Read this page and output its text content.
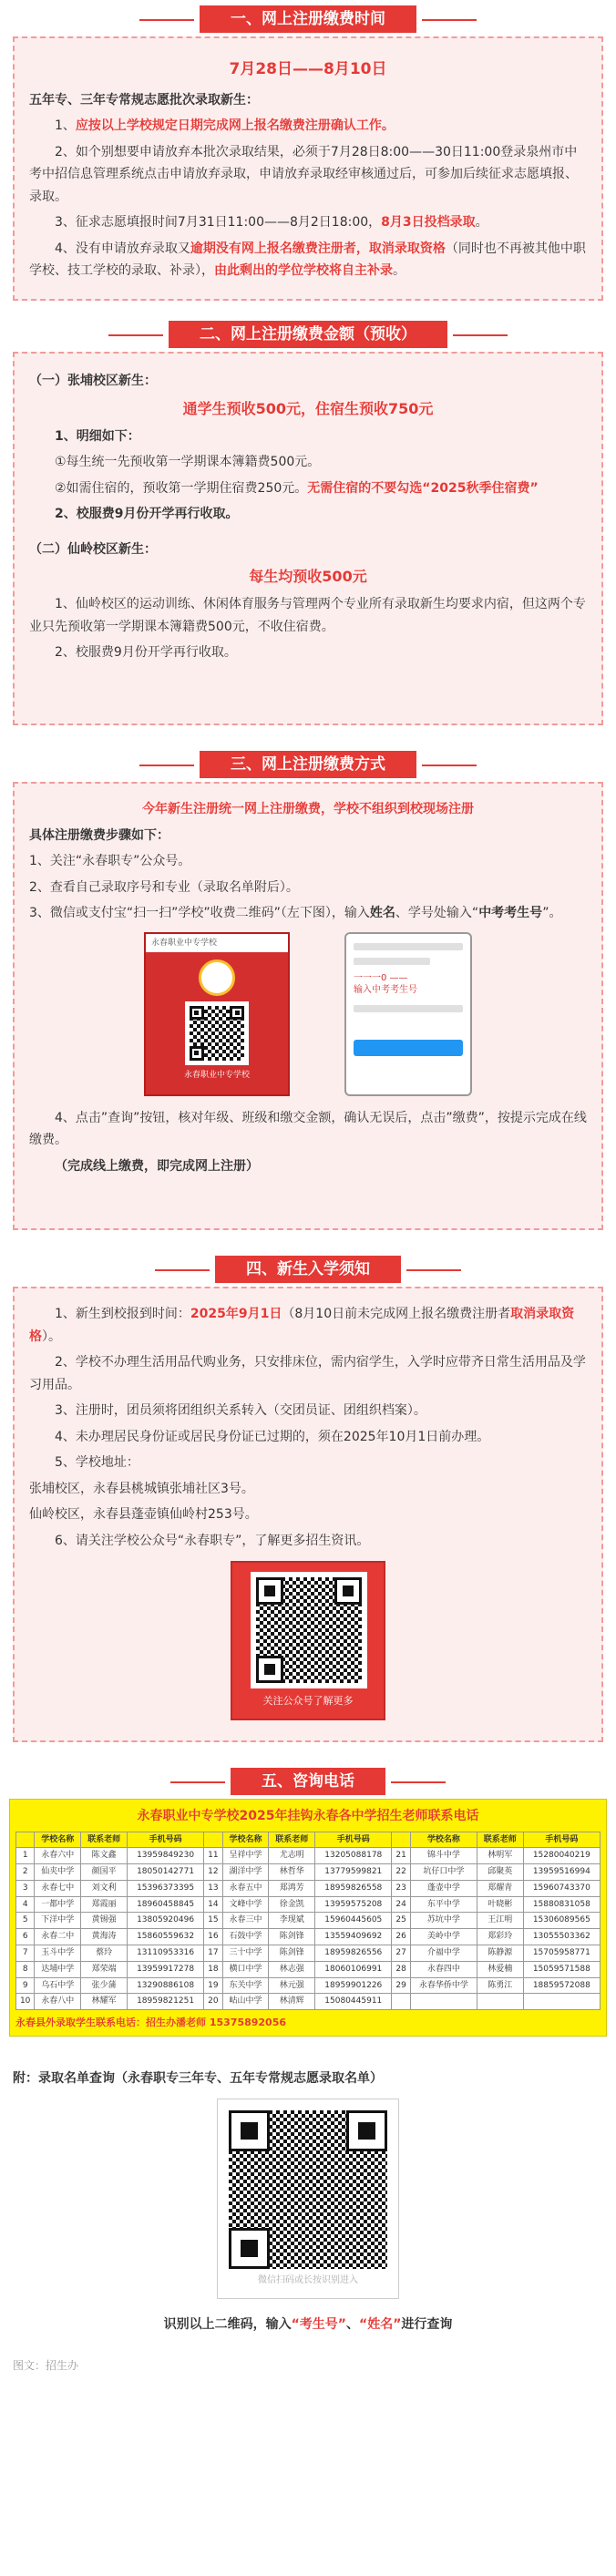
一、网上注册缴费时间
7月28日——8月10日
五年专、三年专常规志愿批次录取新生：
1、应按以上学校规定日期完成网上报名缴费注册确认工作。
2、如个别想要申请放弃本批次录取结果，必须于7月28日8:00——30日11:00登录泉州市中考中招信息管理系统点击申请放弃录取，申请放弃录取经审核通过后，可参加后续征求志愿填报、录取。
3、征求志愿填报时间7月31日11:00——8月2日18:00，8月3日投档录取。
4、没有申请放弃录取又逾期没有网上报名缴费注册者，取消录取资格（同时也不再被其他中职学校、技工学校的录取、补录），由此剩出的学位学校将自主补录。
二、网上注册缴费金额（预收）
（一）张埔校区新生：
通学生预收500元，住宿生预收750元
1、明细如下：
①每生统一先预收第一学期课本簿籍费500元。
②如需住宿的，预收第一学期住宿费250元。无需住宿的不要勾选“2025秋季住宿费”
2、校服费9月份开学再行收取。
（二）仙岭校区新生：
每生均预收500元
1、仙岭校区的运动训练、休闲体育服务与管理两个专业所有录取新生均要求内宿，但这两个专业只先预收第一学期课本簿籍费500元，不收住宿费。
2、校服费9月份开学再行收取。
三、网上注册缴费方式
今年新生注册统一网上注册缴费，学校不组织到校现场注册
具体注册缴费步骤如下：
1、关注“永春职专”公众号。
2、查看自己录取序号和专业（录取名单附后）。
3、微信或支付宝“扫一扫”学校”收费二维码”（左下图），输入姓名、学号处输入“中考考生号”。
永春职业中专学校
永春职业中专学校
一一一0 ——
输入中考考生号
4、点击”查询”按钮，核对年级、班级和缴交金额，确认无误后，点击”缴费”，按提示完成在线缴费。
（完成线上缴费，即完成网上注册）
四、新生入学须知
1、新生到校报到时间：2025年9月1日（8月10日前未完成网上报名缴费注册者取消录取资格）。
2、学校不办理生活用品代购业务，只安排床位，需内宿学生，入学时应带齐日常生活用品及学习用品。
3、注册时，团员须将团组织关系转入（交团员证、团组织档案）。
4、未办理居民身份证或居民身份证已过期的，须在2025年10月1日前办理。
5、学校地址：
张埔校区，永春县桃城镇张埔社区3号。
仙岭校区，永春县蓬壶镇仙岭村253号。
6、请关注学校公众号“永春职专”，了解更多招生资讯。
关注公众号了解更多
五、咨询电话
永春职业中专学校2025年挂钩永春各中学招生老师联系电话
	学校名称	联系老师	手机号码		学校名称	联系老师	手机号码		学校名称	联系老师	手机号码
1	永春六中	陈文鑫	13959849230	11	呈祥中学	尤志明	13205088178	21	锦斗中学	林明军	15280040219
2	仙夹中学	颜国平	18050142771	12	湖洋中学	林哲华	13779599821	22	坑仔口中学	邱聚英	13959516994
3	永春七中	刘文利	15396373395	13	永春五中	郑鸿芳	18959826558	23	蓬壶中学	郑耀青	15960743370
4	一都中学	郑霞丽	18960458845	14	文峰中学	徐金凯	13959575208	24	东平中学	叶晓彬	15880831058
5	下洋中学	黄锡强	13805920496	15	永春三中	李现斌	15960445605	25	苏坑中学	王江明	15306089565
6	永春二中	黄海涛	15860559632	16	石鼓中学	陈剑锋	13559409692	26	美岭中学	郑彩玲	13055503362
7	玉斗中学	蔡玲	13110953316	17	三十中学	陈剑锋	18959826556	27	介福中学	陈静源	15705958771
8	达埔中学	郑荣端	13959917278	18	横口中学	林志强	18060106991	28	永春四中	林爱楠	15059571588
9	乌石中学	张少蒲	13290886108	19	东关中学	林元强	18959901226	29	永春华侨中学	陈勇江	18859572088
10	永春八中	林耀军	18959821251	20	岵山中学	林清辉	15080445911				
永春县外录取学生联系电话：招生办潘老师 15375892056
附：录取名单查询（永春职专三年专、五年专常规志愿录取名单）
微信扫码或长按识别进入
识别以上二维码，输入“考生号”、“姓名”进行查询
图文：招生办
